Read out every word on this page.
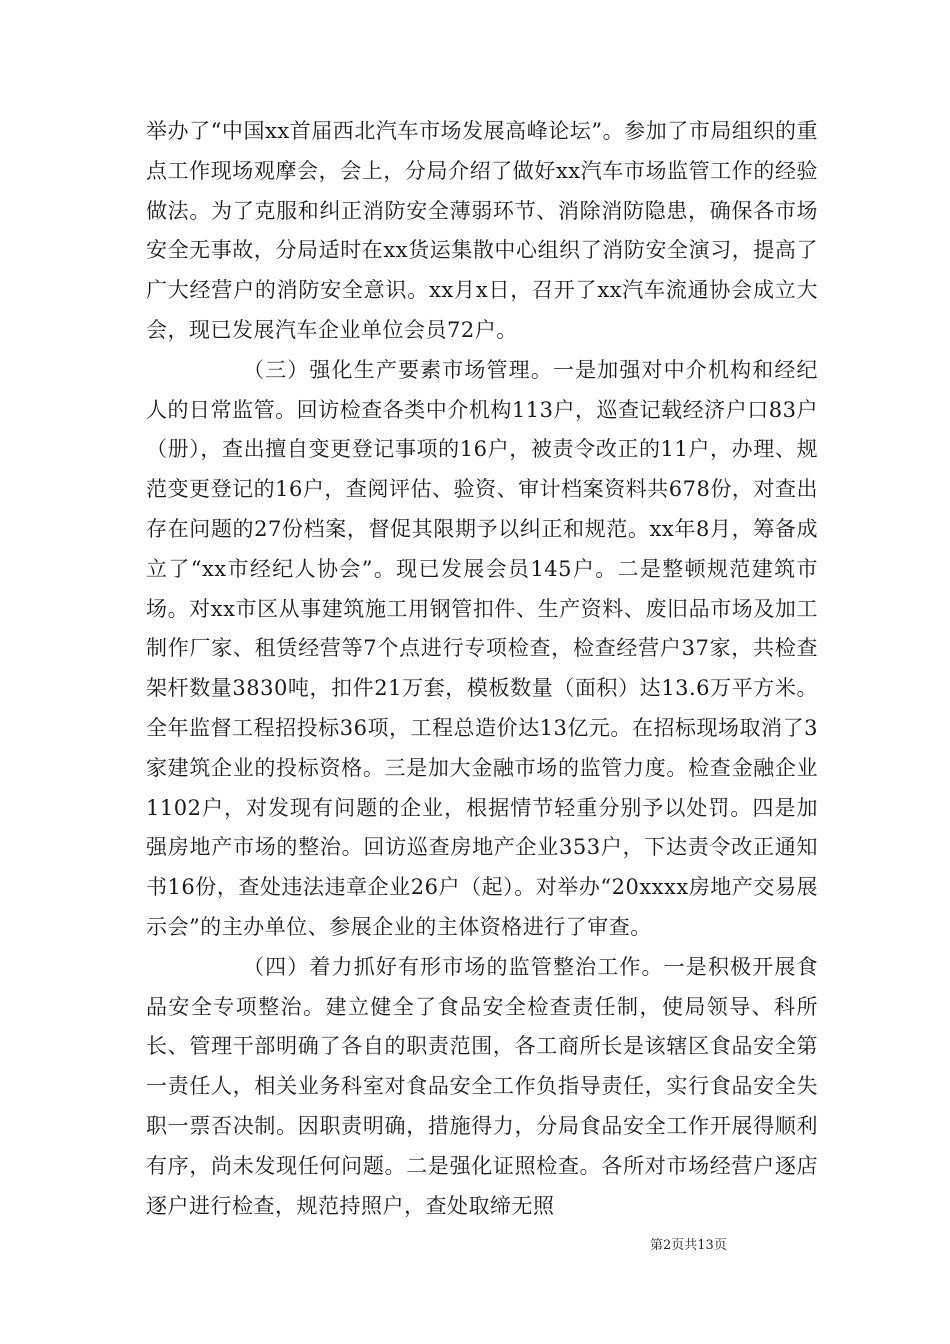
举办了“中国xx首届西北汽车市场发展高峰论坛”。参加了市局组织的重点工作现场观摩会，会上，分局介绍了做好xx汽车市场监管工作的经验做法。为了克服和纠正消防安全薄弱环节、消除消防隐患，确保各市场安全无事故，分局适时在xx货运集散中心组织了消防安全演习，提高了广大经营户的消防安全意识。xx月x日，召开了xx汽车流通协会成立大会，现已发展汽车企业单位会员72户。

（三）强化生产要素市场管理。一是加强对中介机构和经纪人的日常监管。回访检查各类中介机构113户，巡查记载经济户口83户（册），查出擅自变更登记事项的16户，被责令改正的11户，办理、规范变更登记的16户，查阅评估、验资、审计档案资料共678份，对查出存在问题的27份档案，督促其限期予以纠正和规范。xx年8月，筹备成立了“xx市经纪人协会”。现已发展会员145户。二是整顿规范建筑市场。对xx市区从事建筑施工用钢管扣件、生产资料、废旧品市场及加工制作厂家、租赁经营等7个点进行专项检查，检查经营户37家，共检查架杆数量3830吨，扣件21万套，模板数量（面积）达13.6万平方米。全年监督工程招投标36项，工程总造价达13亿元。在招标现场取消了3家建筑企业的投标资格。三是加大金融市场的监管力度。检查金融企业1102户，对发现有问题的企业，根据情节轻重分别予以处罚。四是加强房地产市场的整治。回访巡查房地产企业353户，下达责令改正通知书16份，查处违法违章企业26户（起）。对举办“20xxxx房地产交易展示会”的主办单位、参展企业的主体资格进行了审查。

（四）着力抓好有形市场的监管整治工作。一是积极开展食品安全专项整治。建立健全了食品安全检查责任制，使局领导、科所长、管理干部明确了各自的职责范围，各工商所长是该辖区食品安全第一责任人，相关业务科室对食品安全工作负指导责任，实行食品安全失职一票否决制。因职责明确，措施得力，分局食品安全工作开展得顺利有序，尚未发现任何问题。二是强化证照检查。各所对市场经营户逐店逐户进行检查，规范持照户，查处取缔无照

第2页共13页
